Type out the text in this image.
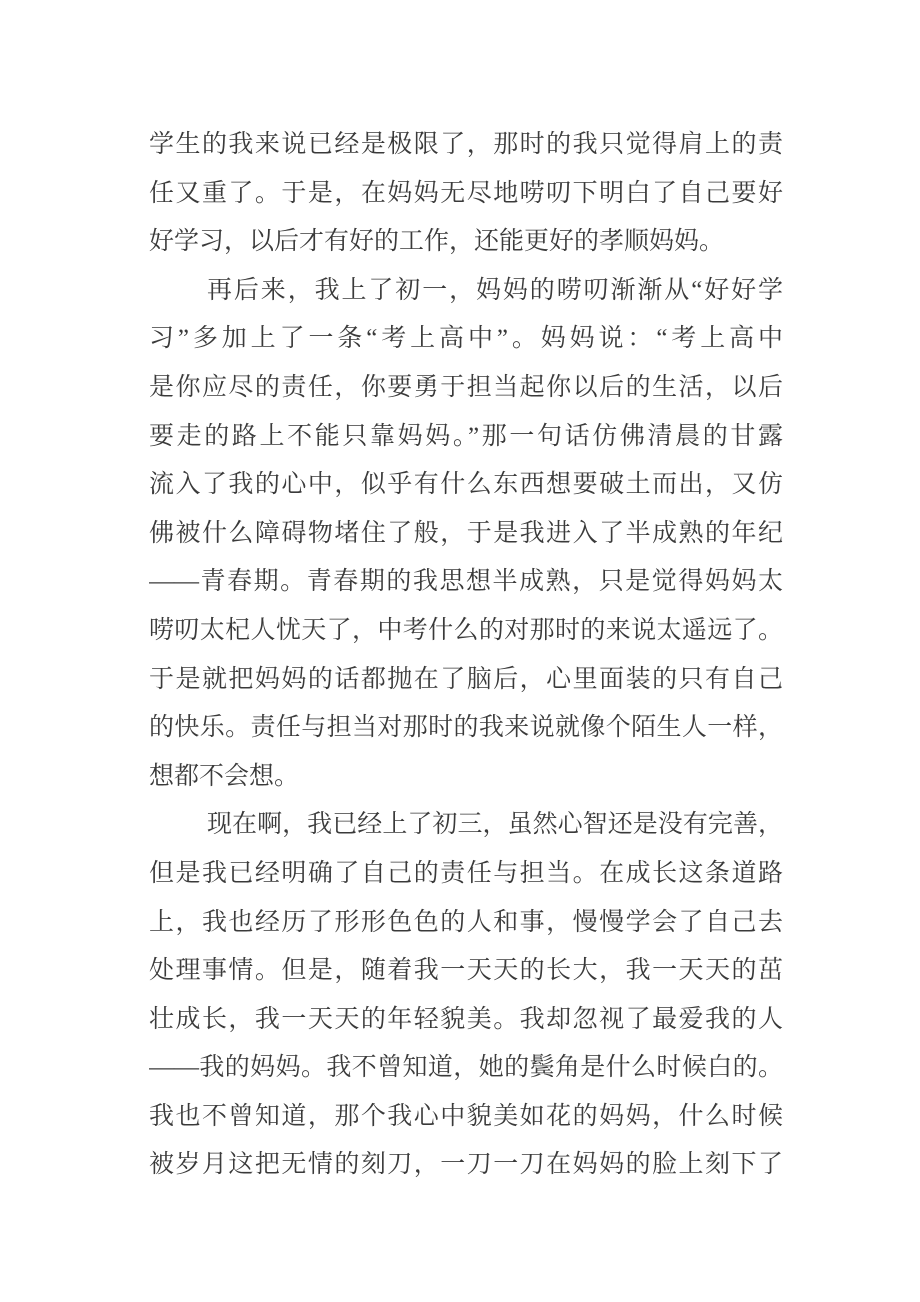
学生的我来说已经是极限了，那时的我只觉得肩上的责
任又重了。于是，在妈妈无尽地唠叨下明白了自己要好
好学习，以后才有好的工作，还能更好的孝顺妈妈。
再后来，我上了初一，妈妈的唠叨渐渐从“好好学
习”多加上了一条“考上高中”。妈妈说：“考上高中
是你应尽的责任，你要勇于担当起你以后的生活，以后
要走的路上不能只靠妈妈。”那一句话仿佛清晨的甘露
流入了我的心中，似乎有什么东西想要破土而出，又仿
佛被什么障碍物堵住了般，于是我进入了半成熟的年纪
——青春期。青春期的我思想半成熟，只是觉得妈妈太
唠叨太杞人忧天了，中考什么的对那时的来说太遥远了。
于是就把妈妈的话都抛在了脑后，心里面装的只有自己
的快乐。责任与担当对那时的我来说就像个陌生人一样，
想都不会想。
现在啊，我已经上了初三，虽然心智还是没有完善，
但是我已经明确了自己的责任与担当。在成长这条道路
上，我也经历了形形色色的人和事，慢慢学会了自己去
处理事情。但是，随着我一天天的长大，我一天天的茁
壮成长，我一天天的年轻貌美。我却忽视了最爱我的人
——我的妈妈。我不曾知道，她的鬓角是什么时候白的。
我也不曾知道，那个我心中貌美如花的妈妈，什么时候
被岁月这把无情的刻刀，一刀一刀在妈妈的脸上刻下了
